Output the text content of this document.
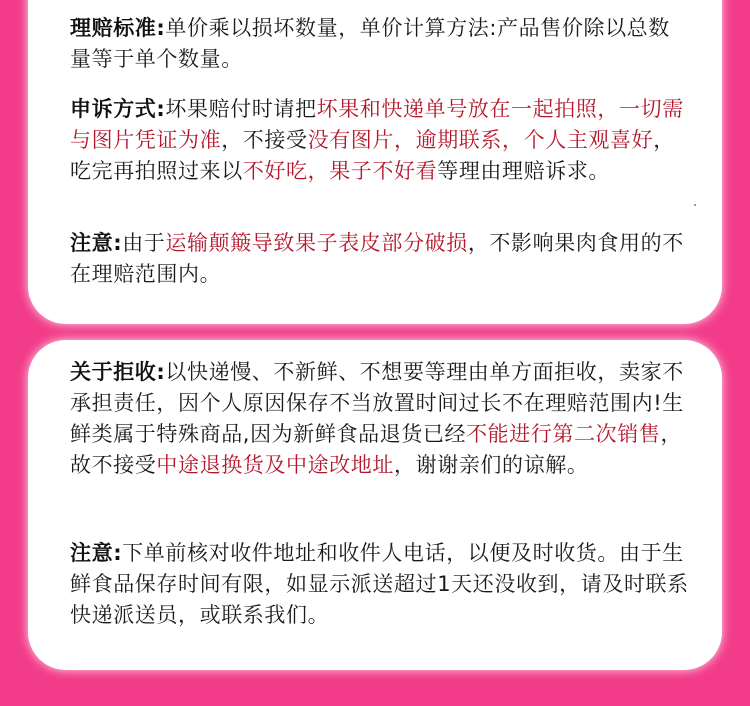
理赔标准:单价乘以损坏数量，单价计算方法:产品售价除以总数量等于单个数量。
申诉方式:坏果赔付时请把坏果和快递单号放在一起拍照，一切需与图片凭证为准，不接受没有图片，逾期联系，个人主观喜好，吃完再拍照过来以不好吃，果子不好看等理由理赔诉求。
注意:由于运输颠簸导致果子表皮部分破损，不影响果肉食用的不在理赔范围内。
关于拒收:以快递慢、不新鲜、不想要等理由单方面拒收，卖家不承担责任，因个人原因保存不当放置时间过长不在理赔范围内!生鲜类属于特殊商品,因为新鲜食品退货已经不能进行第二次销售，故不接受中途退换货及中途改地址，谢谢亲们的谅解。
注意:下单前核对收件地址和收件人电话，以便及时收货。由于生鲜食品保存时间有限，如显示派送超过1天还没收到，请及时联系快递派送员，或联系我们。
